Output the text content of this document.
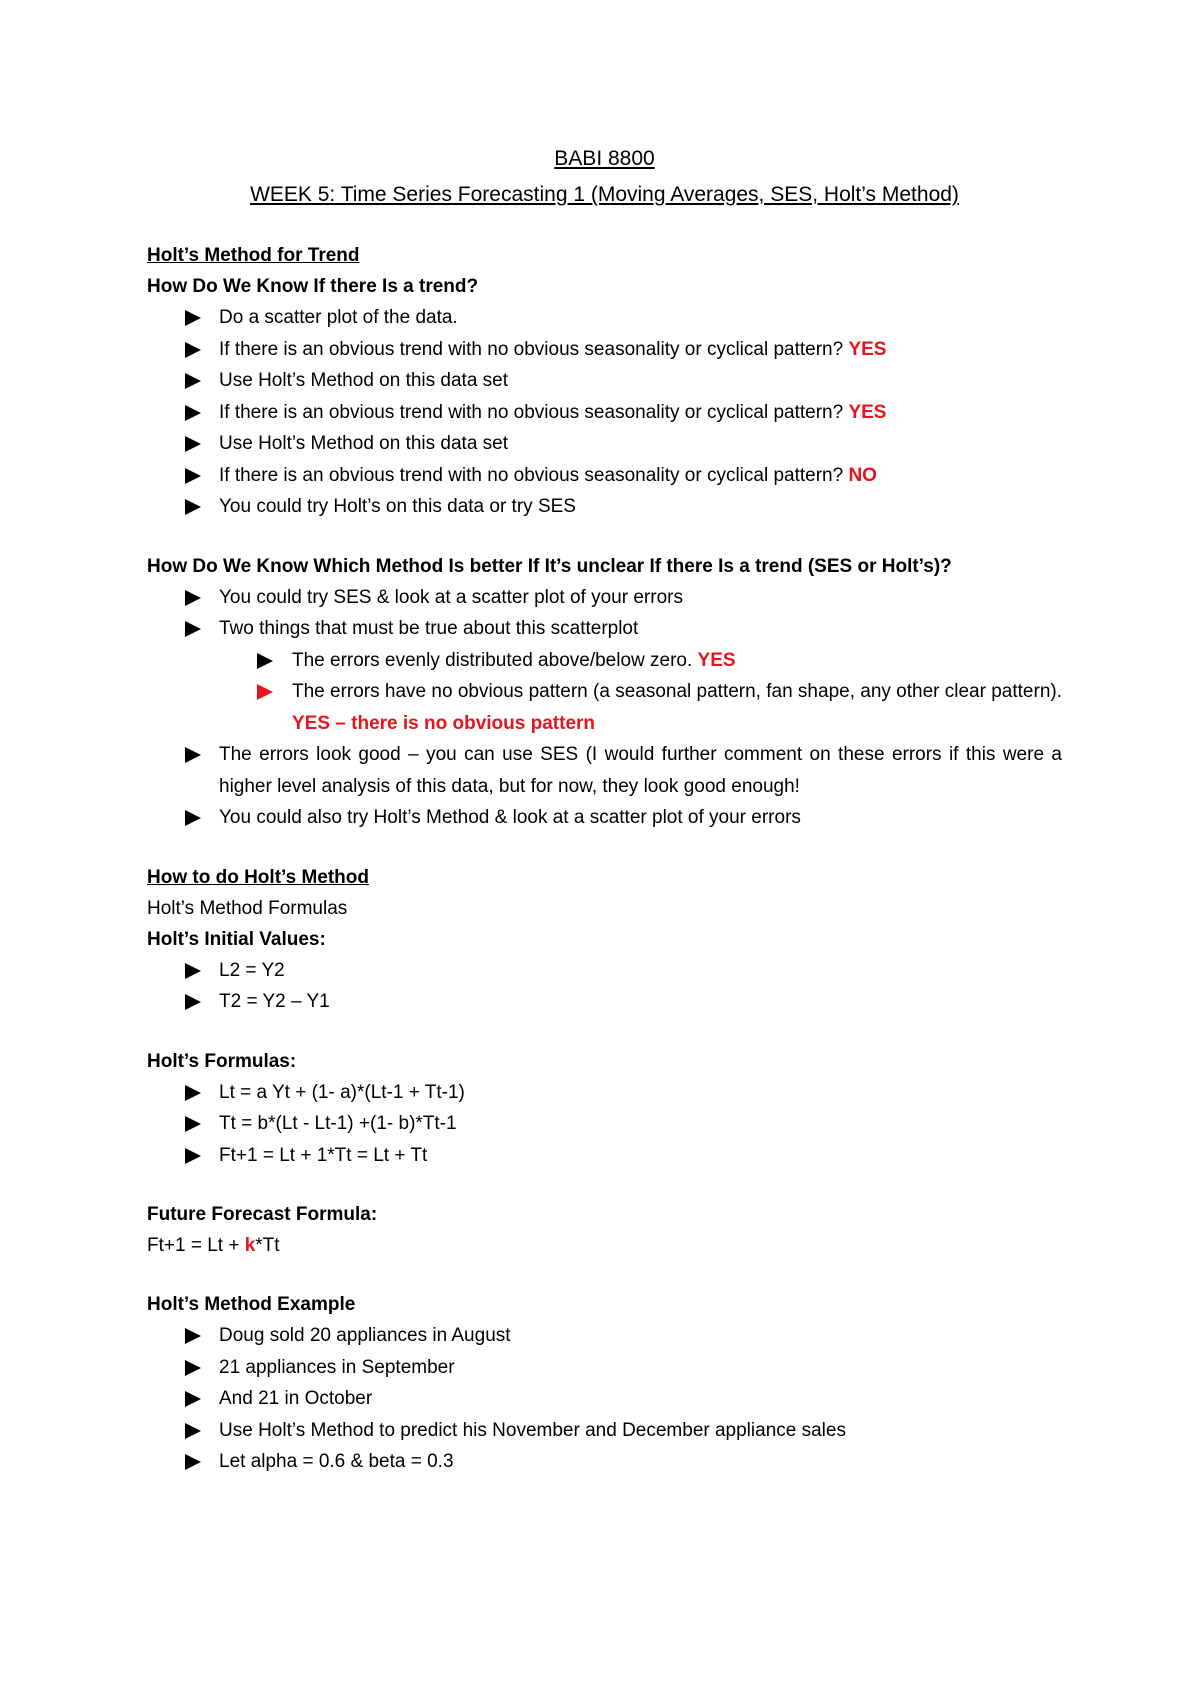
BABI 8800
WEEK 5: Time Series Forecasting 1 (Moving Averages, SES, Holt’s Method)
Holt’s Method for Trend
How Do We Know If there Is a trend?
Do a scatter plot of the data.
If there is an obvious trend with no obvious seasonality or cyclical pattern? YES
Use Holt’s Method on this data set
If there is an obvious trend with no obvious seasonality or cyclical pattern? YES
Use Holt’s Method on this data set
If there is an obvious trend with no obvious seasonality or cyclical pattern? NO
You could try Holt’s on this data or try SES
How Do We Know Which Method Is better If It’s unclear If there Is a trend (SES or Holt’s)?
You could try SES & look at a scatter plot of your errors
Two things that must be true about this scatterplot
The errors evenly distributed above/below zero. YES
The errors have no obvious pattern (a seasonal pattern, fan shape, any other clear pattern). YES – there is no obvious pattern
The errors look good – you can use SES (I would further comment on these errors if this were a higher level analysis of this data, but for now, they look good enough!
You could also try Holt’s Method & look at a scatter plot of your errors
How to do Holt’s Method
Holt’s Method Formulas
Holt’s Initial Values:
L2 = Y2
T2 = Y2 – Y1
Holt’s Formulas:
Lt = a Yt + (1- a)*(Lt-1 + Tt-1)
Tt = b*(Lt - Lt-1) +(1- b)*Tt-1
Ft+1 = Lt + 1*Tt = Lt + Tt
Future Forecast Formula:
Ft+1 = Lt + k*Tt
Holt’s Method Example
Doug sold 20 appliances in August
21 appliances in September
And 21 in October
Use Holt’s Method to predict his November and December appliance sales
Let alpha = 0.6 & beta = 0.3
